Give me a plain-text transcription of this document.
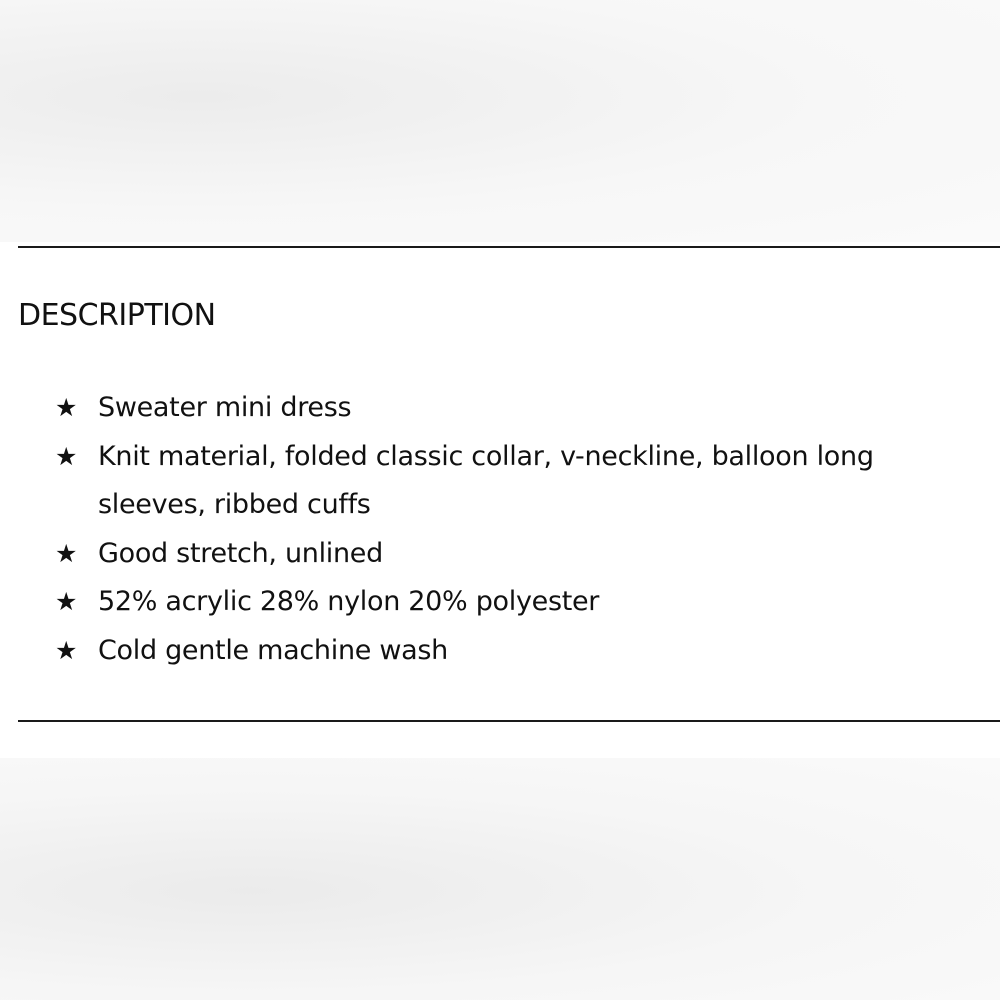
DESCRIPTION
★ Sweater mini dress
★ Knit material, folded classic collar, v-neckline, balloon long sleeves, ribbed cuffs
★ Good stretch, unlined
★ 52% acrylic 28% nylon 20% polyester
★ Cold gentle machine wash
